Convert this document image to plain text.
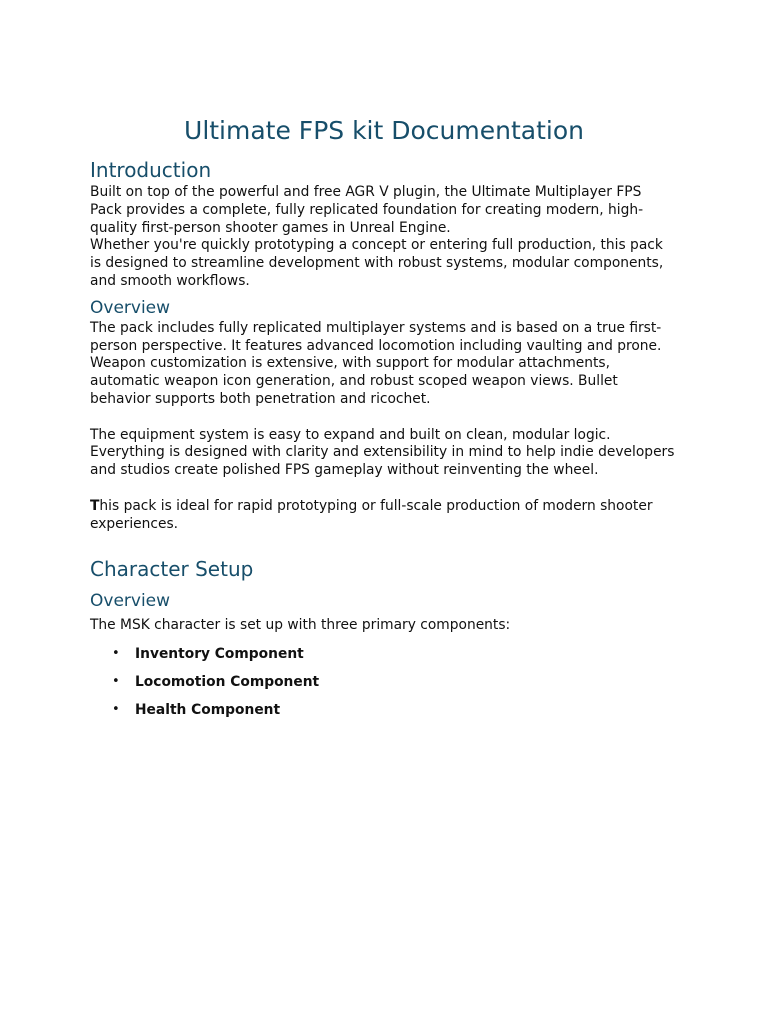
Ultimate FPS kit Documentation
Introduction
Built on top of the powerful and free AGR V plugin, the Ultimate Multiplayer FPS
Pack provides a complete, fully replicated foundation for creating modern, high-
quality first-person shooter games in Unreal Engine.
Whether you're quickly prototyping a concept or entering full production, this pack
is designed to streamline development with robust systems, modular components,
and smooth workflows.
Overview
The pack includes fully replicated multiplayer systems and is based on a true first-
person perspective. It features advanced locomotion including vaulting and prone.
Weapon customization is extensive, with support for modular attachments,
automatic weapon icon generation, and robust scoped weapon views. Bullet
behavior supports both penetration and ricochet.
The equipment system is easy to expand and built on clean, modular logic.
Everything is designed with clarity and extensibility in mind to help indie developers
and studios create polished FPS gameplay without reinventing the wheel.
This pack is ideal for rapid prototyping or full-scale production of modern shooter
experiences.
Character Setup
Overview
The MSK character is set up with three primary components:
• Inventory Component
• Locomotion Component
• Health Component
